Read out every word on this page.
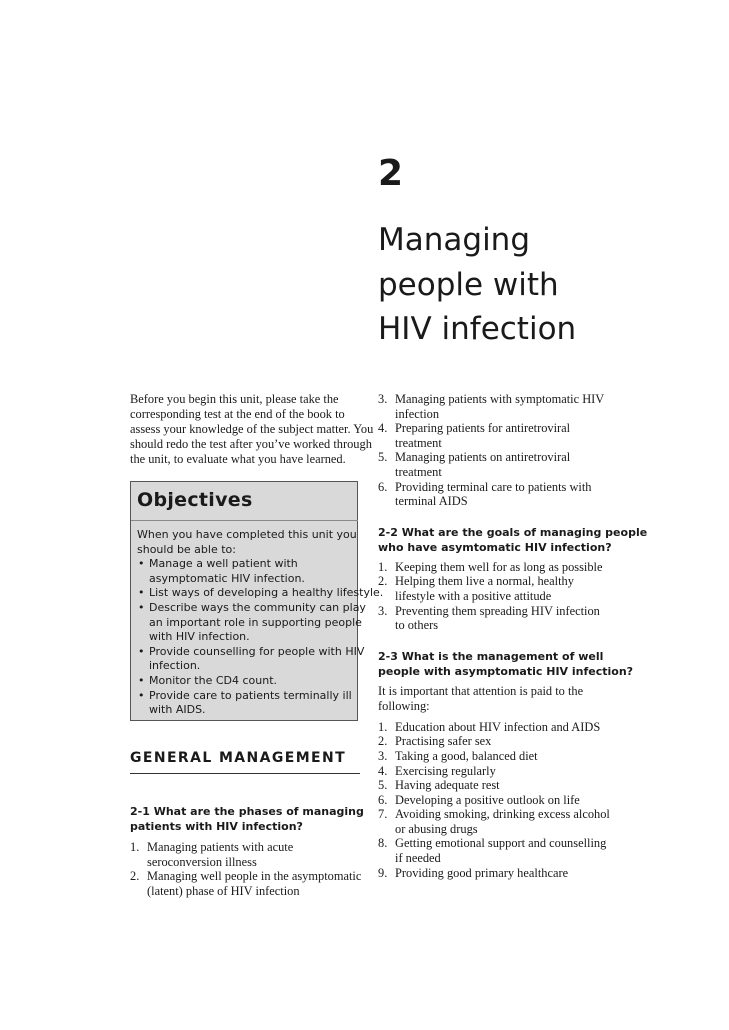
2
Managing
people with
HIV infection

Before you begin this unit, please take the
corresponding test at the end of the book to
assess your knowledge of the subject matter. You
should redo the test after you’ve worked through
the unit, to evaluate what you have learned.

Objectives

When you have completed this unit you
should be able to:

• Manage a well patient with
asymptomatic HIV infection.
• List ways of developing a healthy lifestyle.
• Describe ways the community can play
an important role in supporting people
with HIV infection.
• Provide counselling for people with HIV
infection.
• Monitor the CD4 count.
• Provide care to patients terminally ill
with AIDS.
GENERAL MANAGEMENT

2-1 What are the phases of managing
patients with HIV infection?

1. Managing patients with acute
seroconversion illness
2. Managing well people in the asymptomatic
(latent) phase of HIV infection
3. Managing patients with symptomatic HIV
infection
4. Preparing patients for antiretroviral
treatment
5. Managing patients on antiretroviral
treatment
6. Providing terminal care to patients with
terminal AIDS

2-2 What are the goals of managing people
who have asymtomatic HIV infection?

1. Keeping them well for as long as possible
2. Helping them live a normal, healthy
lifestyle with a positive attitude
3. Preventing them spreading HIV infection
to others

2-3 What is the management of well
people with asymptomatic HIV infection?

It is important that attention is paid to the
following:

1. Education about HIV infection and AIDS
2. Practising safer sex
3. Taking a good, balanced diet
4. Exercising regularly
5. Having adequate rest
6. Developing a positive outlook on life
7. Avoiding smoking, drinking excess alcohol
or abusing drugs
8. Getting emotional support and counselling
if needed
9. Providing good primary healthcare
